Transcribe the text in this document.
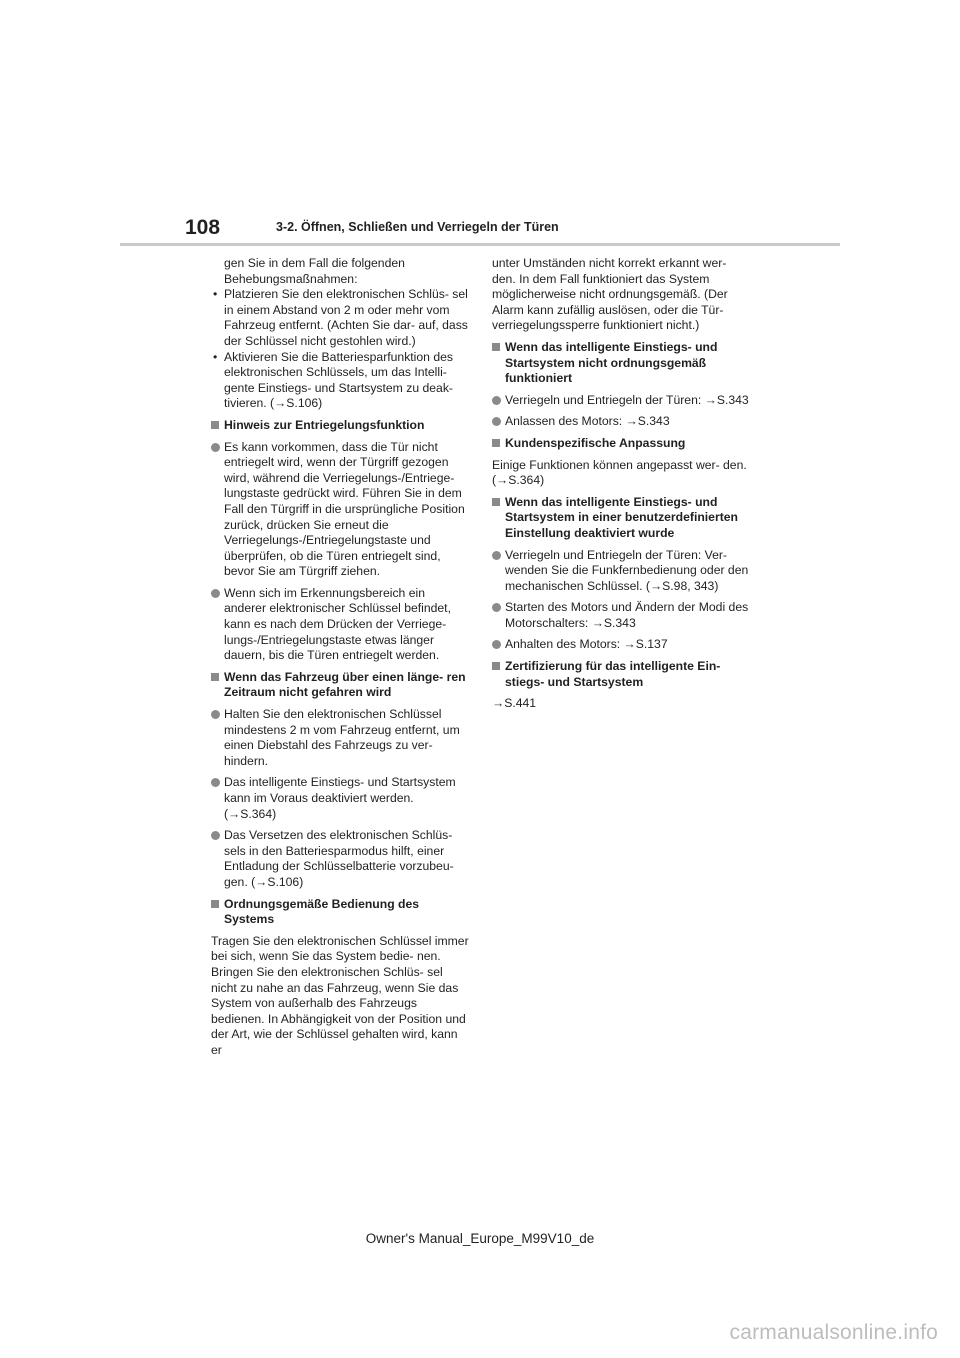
108	3-2. Öffnen, Schließen und Verriegeln der Türen

gen Sie in dem Fall die folgenden Behebungsmaßnahmen:

• Platzieren Sie den elektronischen Schlüs- sel in einem Abstand von 2 m oder mehr vom Fahrzeug entfernt. (Achten Sie dar- auf, dass der Schlüssel nicht gestohlen wird.)
• Aktivieren Sie die Batteriesparfunktion des elektronischen Schlüssels, um das Intelli- gente Einstiegs- und Startsystem zu deak- tivieren. (→S.106)
Hinweis zur Entriegelungsfunktion
Es kann vorkommen, dass die Tür nicht entriegelt wird, wenn der Türgriff gezogen wird, während die Verriegelungs-/Entriege- lungstaste gedrückt wird. Führen Sie in dem Fall den Türgriff in die ursprüngliche Position zurück, drücken Sie erneut die Verriegelungs-/Entriegelungstaste und überprüfen, ob die Türen entriegelt sind, bevor Sie am Türgriff ziehen.
Wenn sich im Erkennungsbereich ein anderer elektronischer Schlüssel befindet, kann es nach dem Drücken der Verriege- lungs-/Entriegelungstaste etwas länger dauern, bis die Türen entriegelt werden.
Wenn das Fahrzeug über einen länge- ren Zeitraum nicht gefahren wird
Halten Sie den elektronischen Schlüssel mindestens 2 m vom Fahrzeug entfernt, um einen Diebstahl des Fahrzeugs zu ver- hindern.
Das intelligente Einstiegs- und Startsystem kann im Voraus deaktiviert werden. (→S.364)
Das Versetzen des elektronischen Schlüs- sels in den Batteriesparmodus hilft, einer Entladung der Schlüsselbatterie vorzubeu- gen. (→S.106)
Ordnungsgemäße Bedienung des Systems

Tragen Sie den elektronischen Schlüssel immer bei sich, wenn Sie das System bedie- nen. Bringen Sie den elektronischen Schlüs- sel nicht zu nahe an das Fahrzeug, wenn Sie das System von außerhalb des Fahrzeugs bedienen. In Abhängigkeit von der Position und der Art, wie der Schlüssel gehalten wird, kann er

unter Umständen nicht korrekt erkannt wer- den. In dem Fall funktioniert das System möglicherweise nicht ordnungsgemäß. (Der Alarm kann zufällig auslösen, oder die Tür- verriegelungssperre funktioniert nicht.)

Wenn das intelligente Einstiegs- und Startsystem nicht ordnungsgemäß funktioniert
Verriegeln und Entriegeln der Türen: →S.343
Anlassen des Motors: →S.343
Kundenspezifische Anpassung

Einige Funktionen können angepasst wer- den. (→S.364)

Wenn das intelligente Einstiegs- und Startsystem in einer benutzerdefinierten Einstellung deaktiviert wurde
Verriegeln und Entriegeln der Türen: Ver- wenden Sie die Funkfernbedienung oder den mechanischen Schlüssel. (→S.98, 343)
Starten des Motors und Ändern der Modi des Motorschalters: →S.343
Anhalten des Motors: →S.137
Zertifizierung für das intelligente Ein- stiegs- und Startsystem

→S.441

Owner's Manual_Europe_M99V10_de
carmanualsonline.info
